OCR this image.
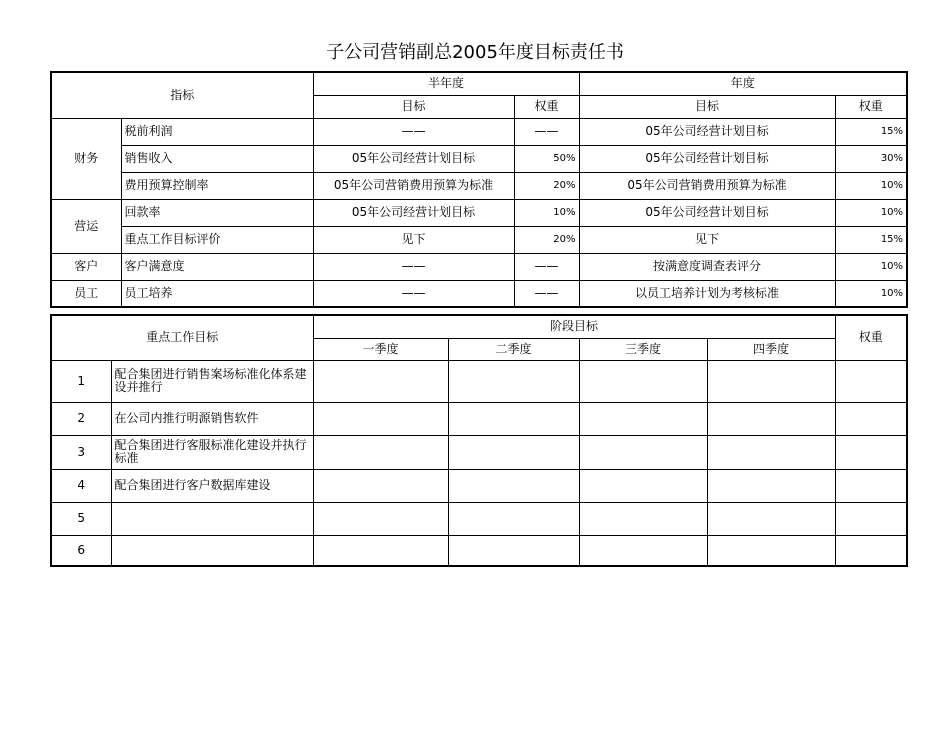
子公司营销副总2005年度目标责任书
指标		半年度		年度	
		目标	权重	目标	权重
财务	税前利润	——	——	05年公司经营计划目标	15%
	销售收入	05年公司经营计划目标	50%	05年公司经营计划目标	30%
	费用预算控制率	05年公司营销费用预算为标准	20%	05年公司营销费用预算为标准	10%
营运	回款率	05年公司经营计划目标	10%	05年公司经营计划目标	10%
	重点工作目标评价	见下	20%	见下	15%
客户	客户满意度	——	——	按满意度调查表评分	10%
员工	员工培养	——	——	以员工培养计划为考核标准	10%
重点工作目标		阶段目标				权重
		一季度	二季度	三季度	四季度	
1	配合集团进行销售案场标准化体系建设并推行					
2	在公司内推行明源销售软件					
3	配合集团进行客服标准化建设并执行标准					
4	配合集团进行客户数据库建设					
5						
6						
